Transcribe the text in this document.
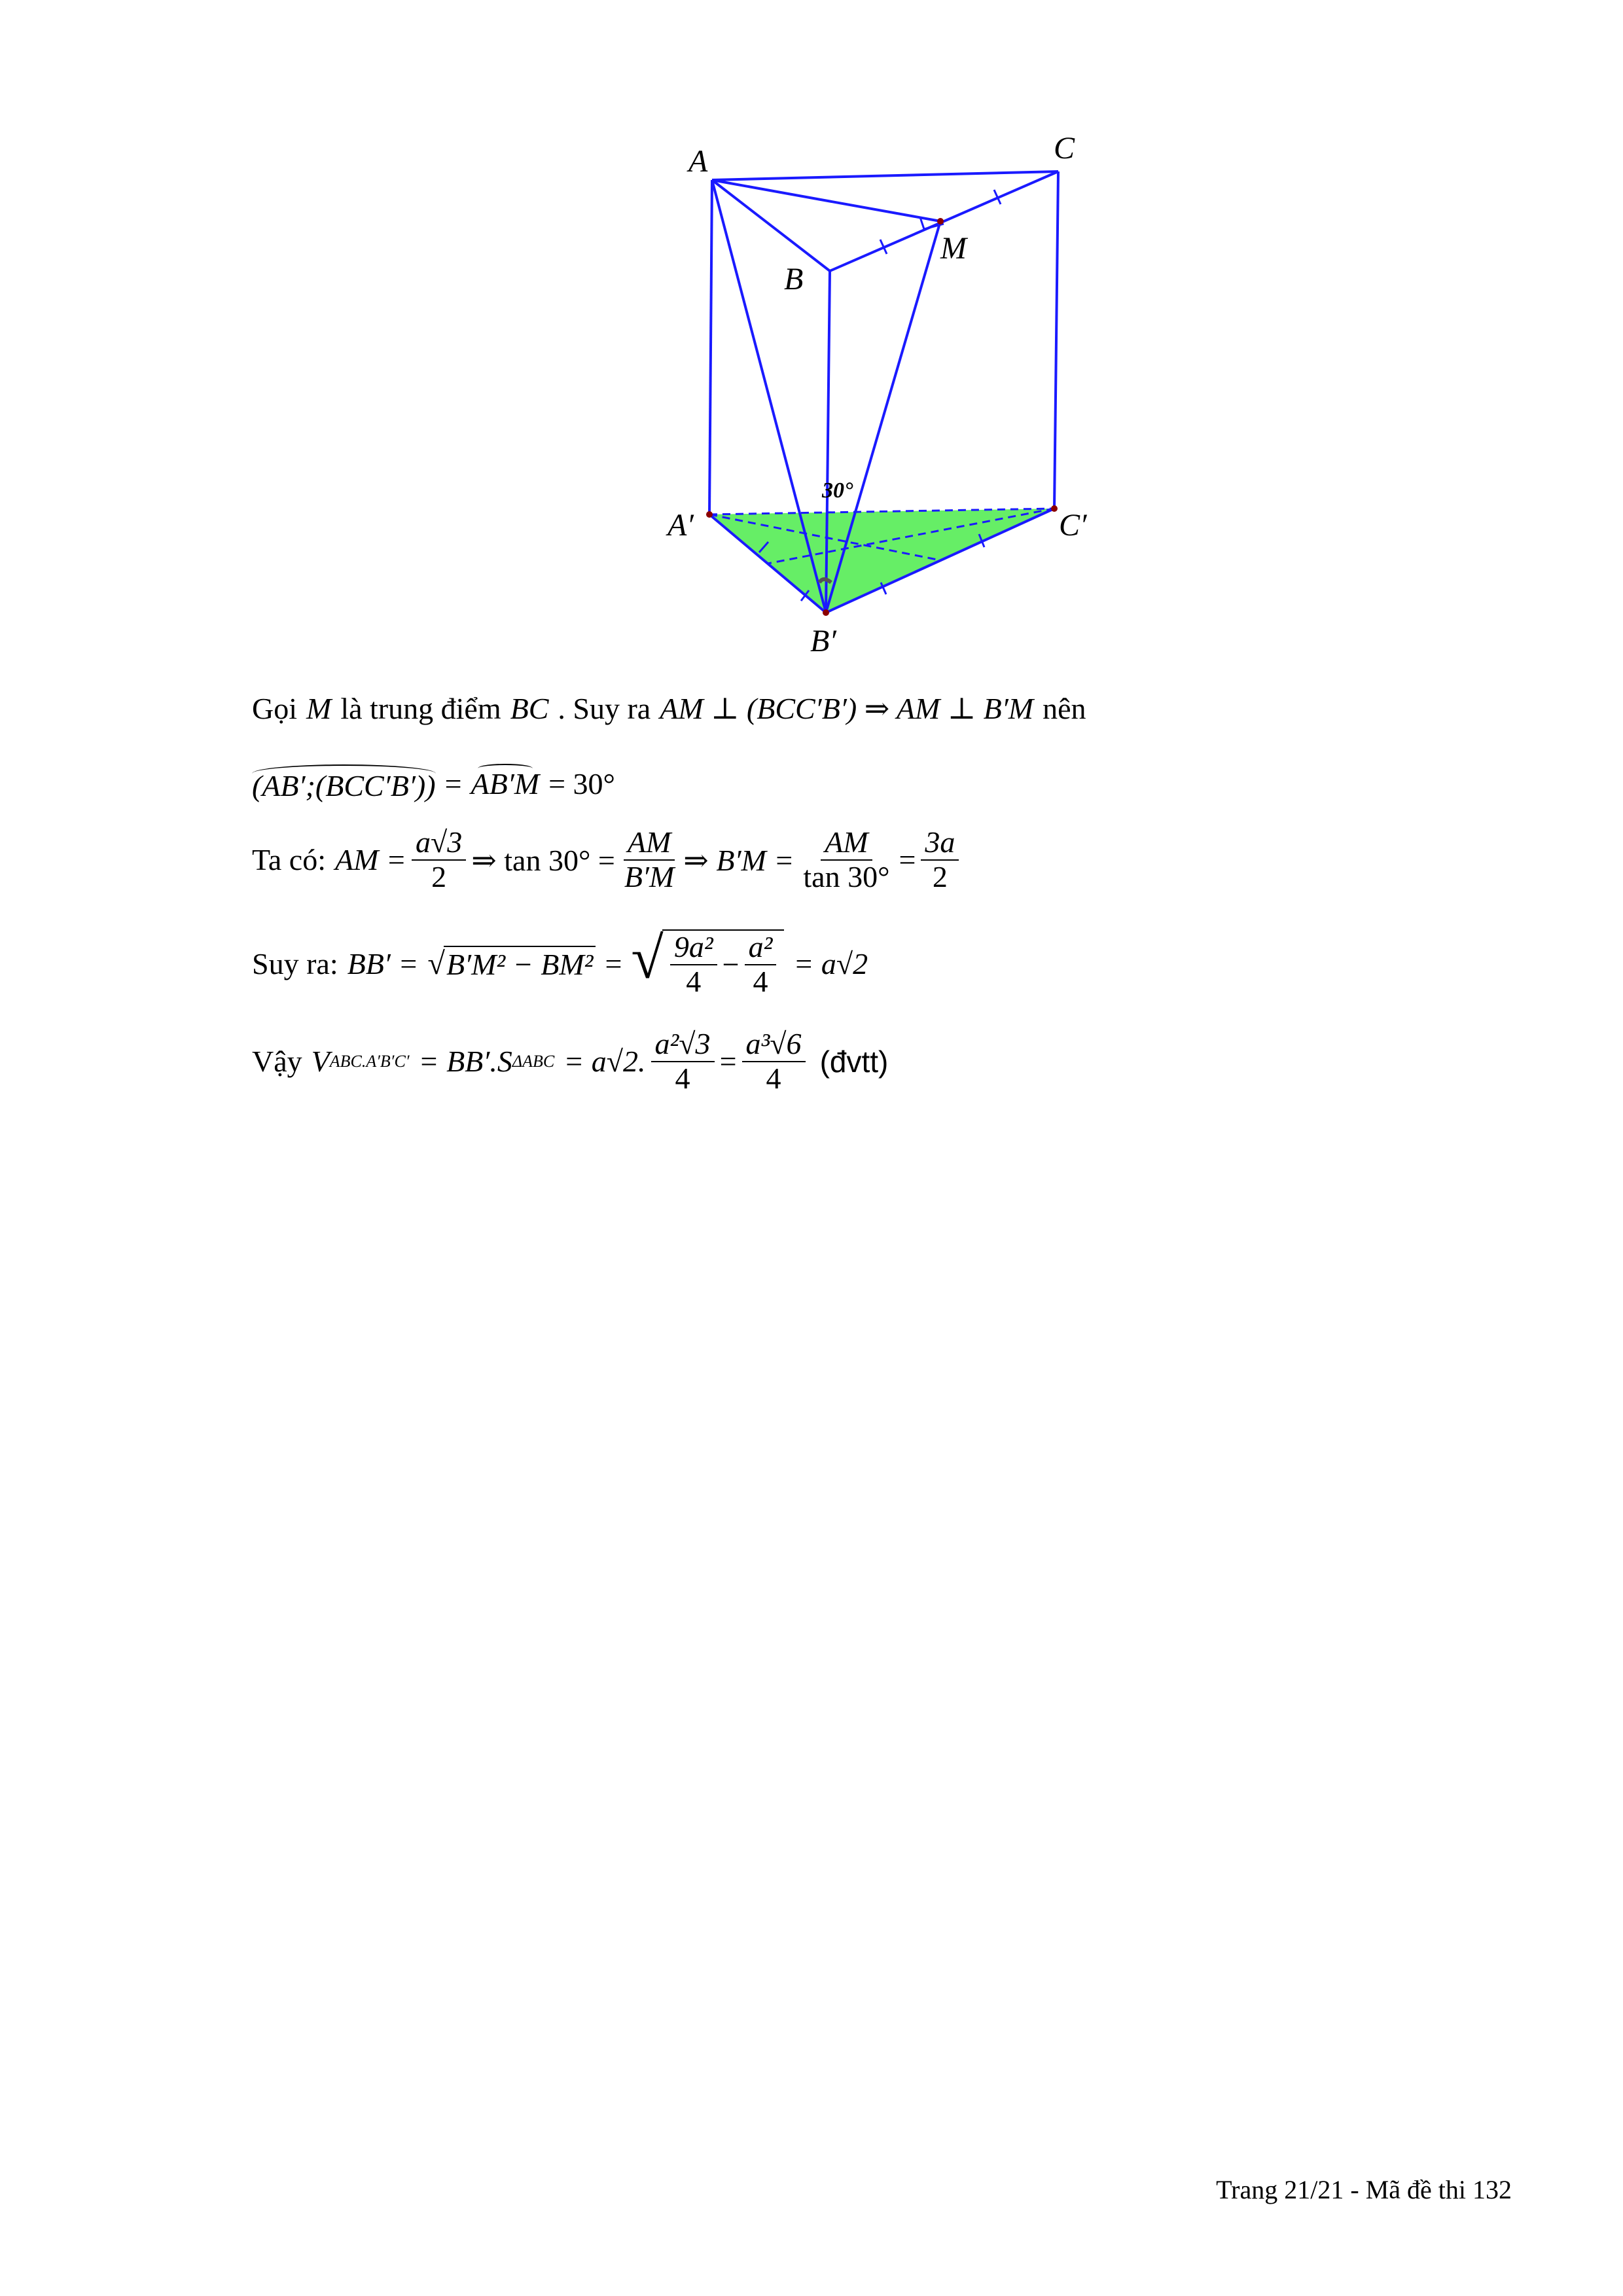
A	C
M
B
A′	C′
B′
30°
Gọi M là trung điểm BC . Suy ra AM ⊥ (BCC′B′) ⇒ AM ⊥ B′M nên
(AB′;(BCC′B′)) = AB′M = 30°
Ta có: AM = $\frac{a√3}{2}$ ⇒ $\tan 30^\circ = \frac{AM}{B'M}$ ⇒ $B'M = \frac{AM}{\tan 30^\circ} = \frac{3a}{2}$
Suy ra: BB′ = √ B′M² − BM² = √ $\frac{\text{9a²}}{4} - \frac{\text{a²}}{4} = a√2$
Vậy V ABC.A′B′C′ = BB′.S ΔABC = a√2. $\frac{\text{a²√3}}{4} = \frac{\text{a³√6}}{4}$ (đvtt)
Trang 21/21 - Mã đề thi 132
